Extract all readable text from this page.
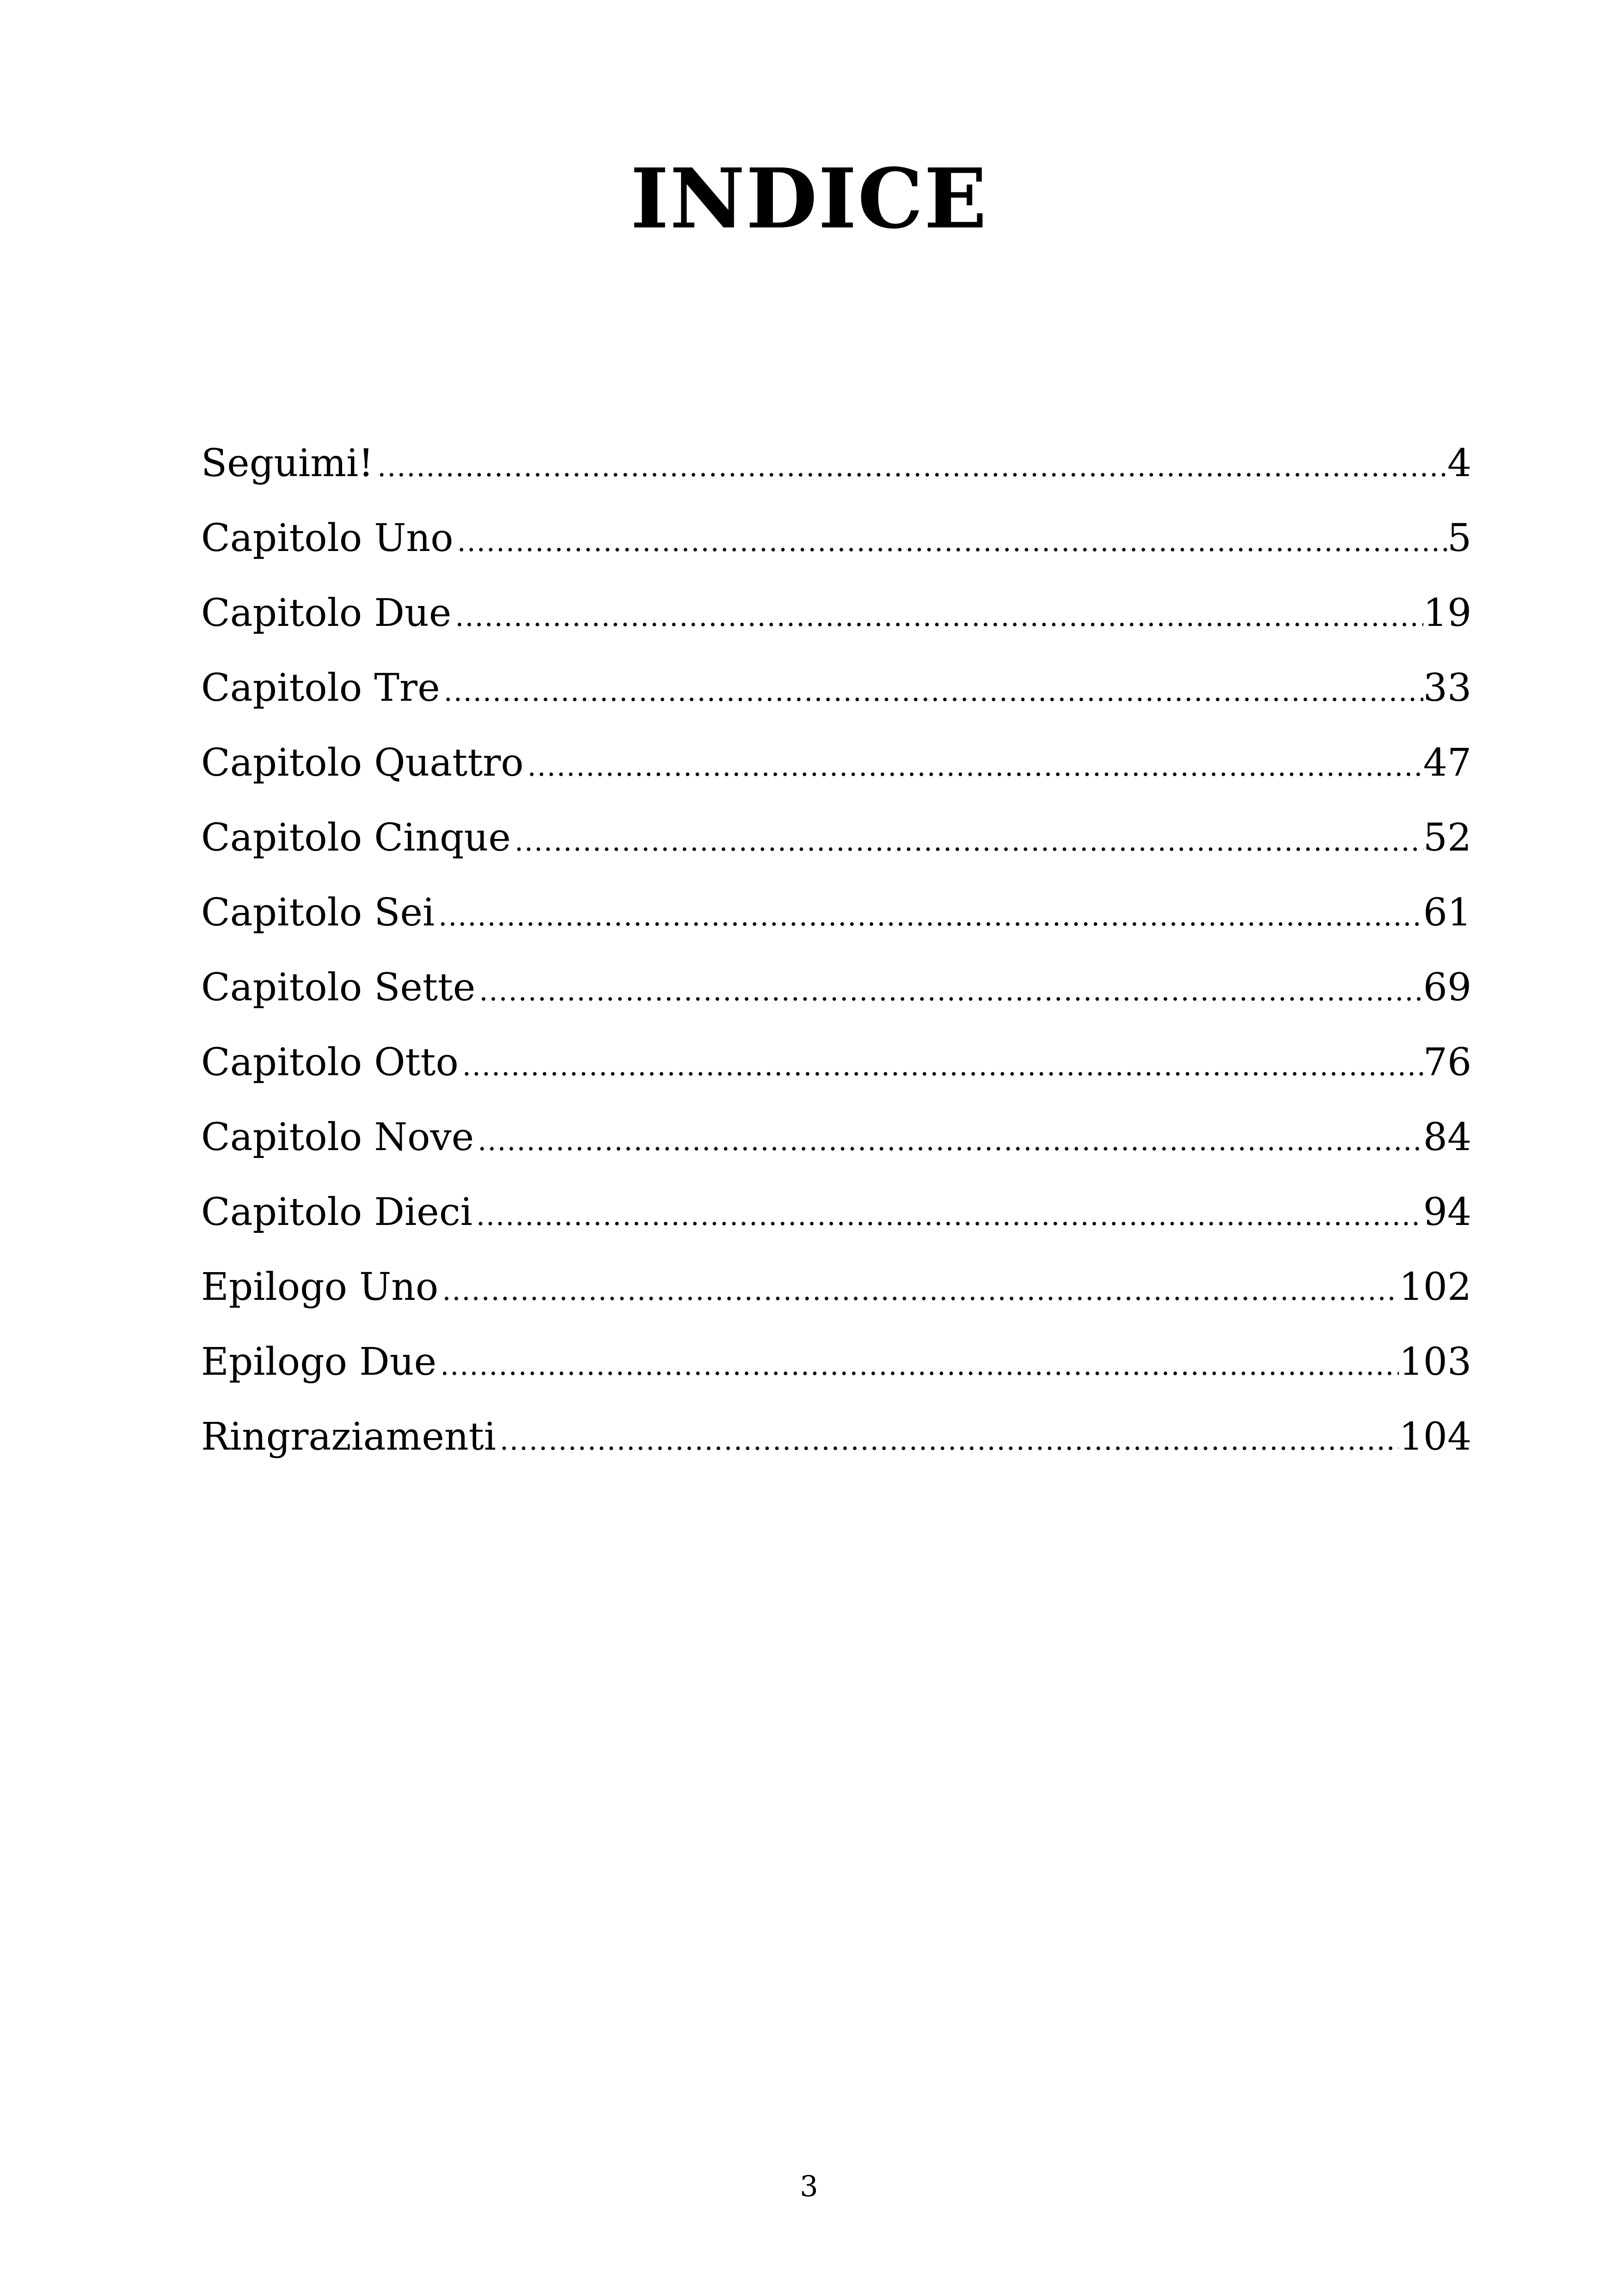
INDICE
Seguimi! .....	4
Capitolo Uno .....	5
Capitolo Due .....	19
Capitolo Tre .....	33
Capitolo Quattro .....	47
Capitolo Cinque .....	52
Capitolo Sei .....	61
Capitolo Sette .....	69
Capitolo Otto .....	76
Capitolo Nove .....	84
Capitolo Dieci .....	94
Epilogo Uno .....	102
Epilogo Due .....	103
Ringraziamenti .....	104
3
